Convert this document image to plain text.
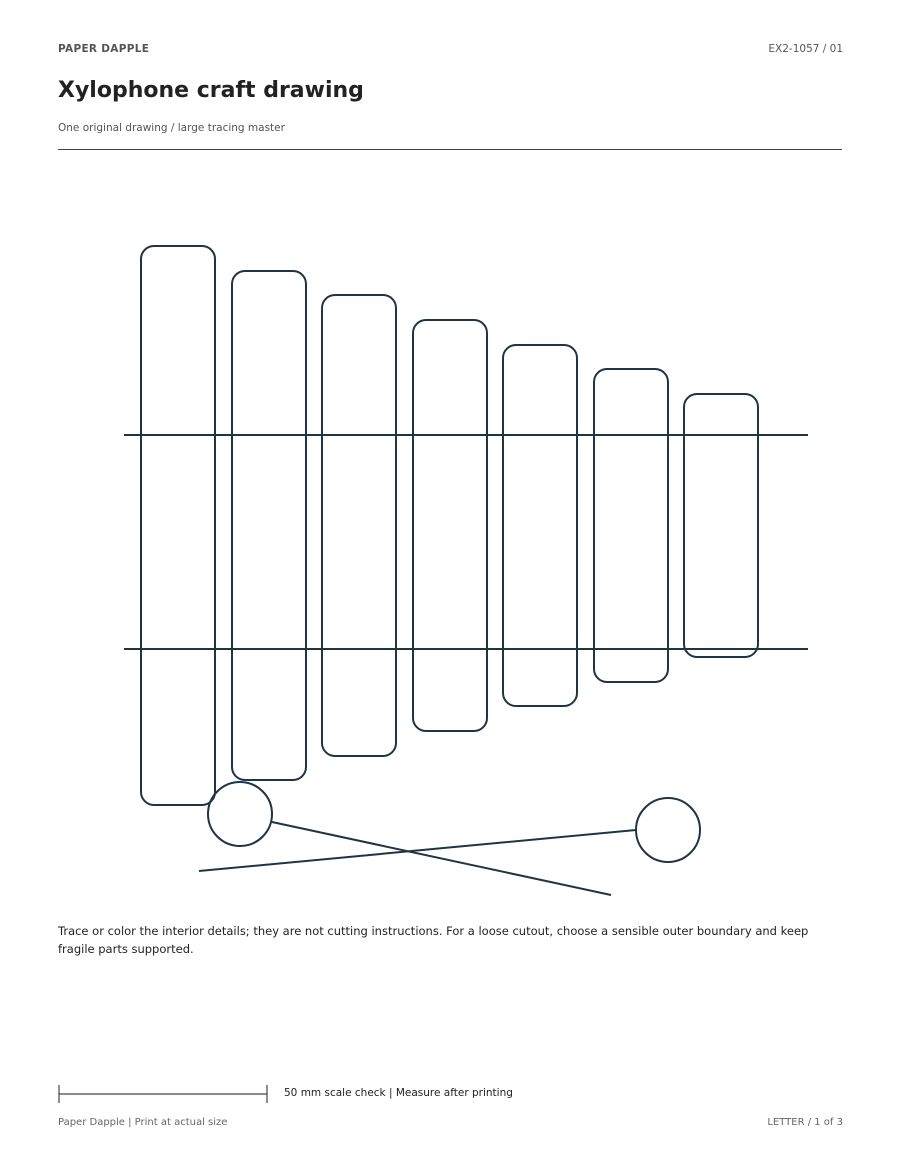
PAPER DAPPLE	EX2-1057 / 01
Xylophone craft drawing
One original drawing / large tracing master

Trace or color the interior details; they are not cutting instructions. For a loose cutout, choose a sensible outer boundary and keep fragile parts supported.

50 mm scale check | Measure after printing
Paper Dapple | Print at actual size	LETTER / 1 of 3
